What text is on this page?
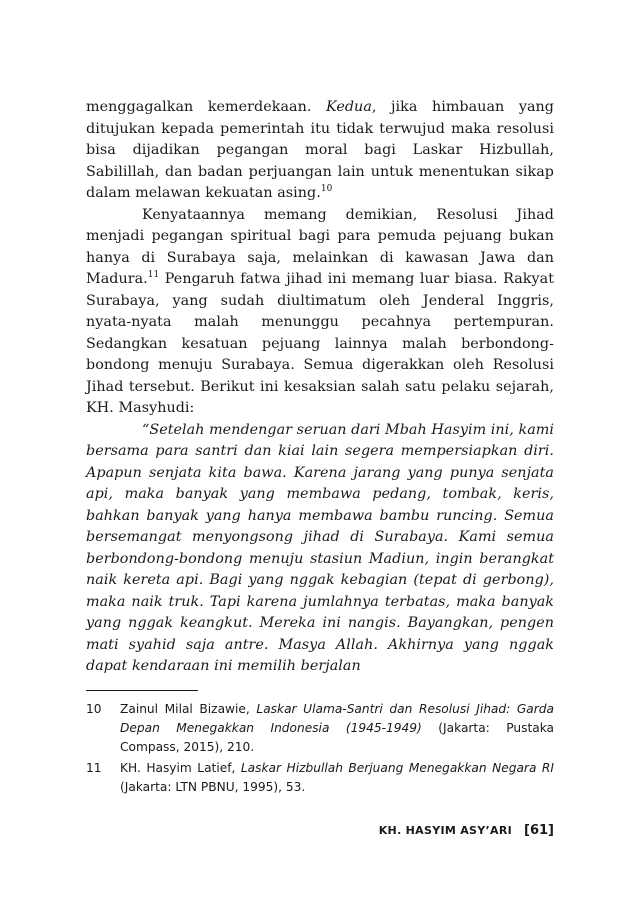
menggagalkan kemerdekaan. Kedua, jika himbauan yang ditujukan kepada pemerintah itu tidak terwujud maka resolusi bisa dijadikan pegangan moral bagi Laskar Hizbullah, Sabilillah, dan badan perjuangan lain untuk menentukan sikap dalam melawan kekuatan asing.$^{10}$

Kenyataannya memang demikian, Resolusi Jihad menjadi pegangan spiritual bagi para pemuda pejuang bukan hanya di Surabaya saja, melainkan di kawasan Jawa dan Madura.$^{11}$ Pengaruh fatwa jihad ini memang luar biasa. Rakyat Surabaya, yang sudah diultimatum oleh Jenderal Inggris, nyata-nyata malah menunggu pecahnya pertempuran. Sedangkan kesatuan pejuang lainnya malah berbondong-bondong menuju Surabaya. Semua digerakkan oleh Resolusi Jihad tersebut. Berikut ini kesaksian salah satu pelaku sejarah, KH. Masyhudi:

“Setelah mendengar seruan dari Mbah Hasyim ini, kami bersama para santri dan kiai lain segera mempersiapkan diri. Apapun senjata kita bawa. Karena jarang yang punya senjata api, maka banyak yang membawa pedang, tombak, keris, bahkan banyak yang hanya membawa bambu runcing. Semua bersemangat menyongsong jihad di Surabaya. Kami semua berbondong-bondong menuju stasiun Madiun, ingin berangkat naik kereta api. Bagi yang nggak kebagian (tepat di gerbong), maka naik truk. Tapi karena jumlahnya terbatas, maka banyak yang nggak keangkut. Mereka ini nangis. Bayangkan, pengen mati syahid saja antre. Masya Allah. Akhirnya yang nggak dapat kendaraan ini memilih berjalan

10	Zainul Milal Bizawie, Laskar Ulama-Santri dan Resolusi Jihad: Garda Depan Menegakkan Indonesia (1945-1949) (Jakarta: Pustaka Compass, 2015), 210.
11	KH. Hasyim Latief, Laskar Hizbullah Berjuang Menegakkan Negara RI (Jakarta: LTN PBNU, 1995), 53.
KH. HASYIM ASY’ARI [61]
